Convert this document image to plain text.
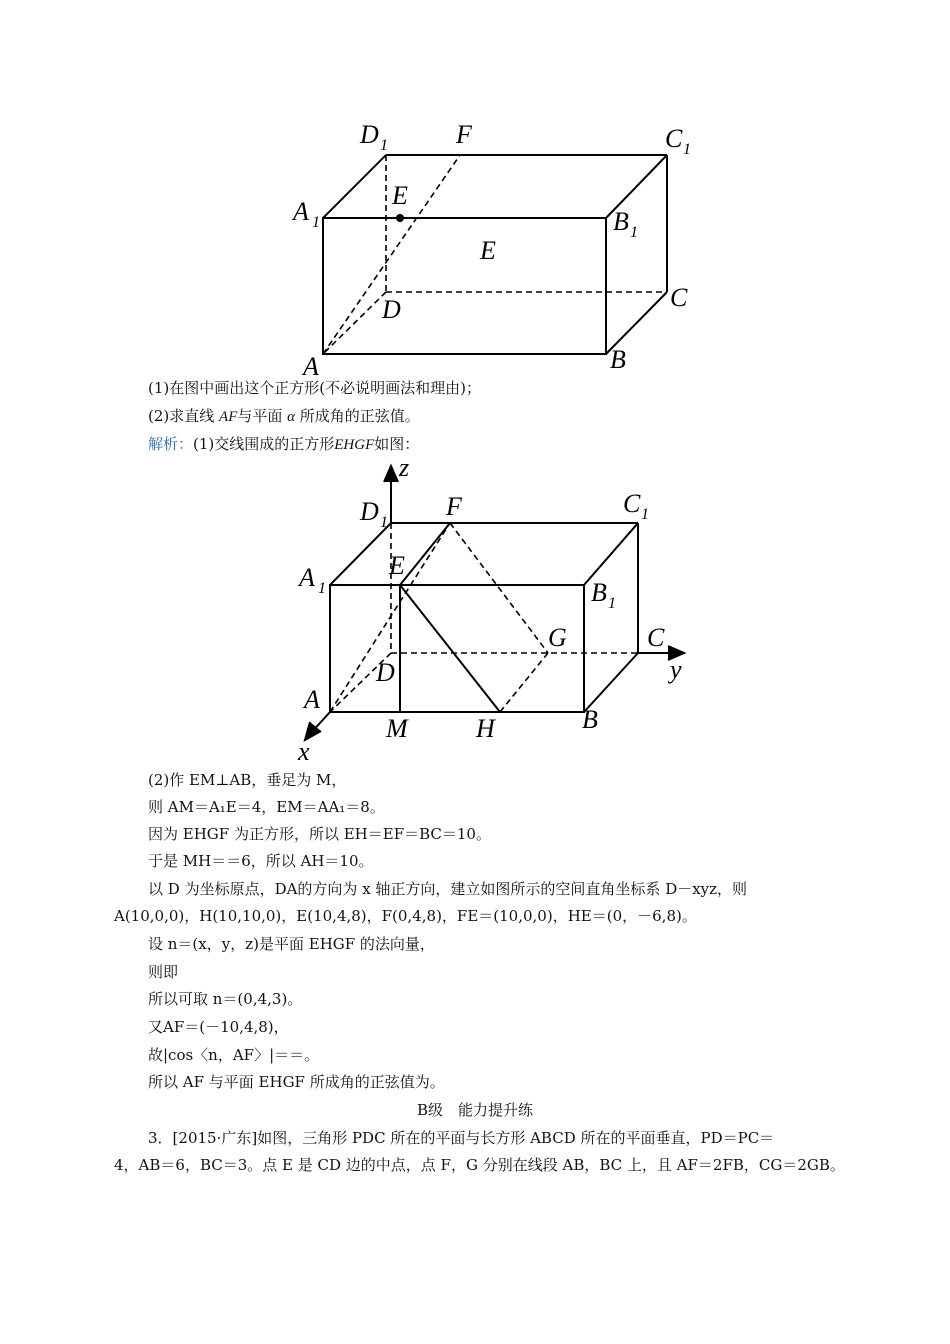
D 1	F	C 1
A 1
E
B 1
E
D	C
A	B
(1)在图中画出这个正方形(不必说明画法和理由)；
(2)求直线 AF与平面 α 所成角的正弦值。
解析：(1)交线围成的正方形EHGF如图：
z
D 1
F	C 1
A 1
E
B 1
G	C
y
D
A
M	H	B
x
(2)作 EM⊥AB，垂足为 M，
则 AM＝A₁E＝4，EM＝AA₁＝8。
因为 EHGF 为正方形，所以 EH＝EF＝BC＝10。
于是 MH＝＝6，所以 AH＝10。
以 D 为坐标原点，DA的方向为 x 轴正方向，建立如图所示的空间直角坐标系 D－xyz，则
A(10,0,0)，H(10,10,0)，E(10,4,8)，F(0,4,8)，FE＝(10,0,0)，HE＝(0，－6,8)。
设 n＝(x，y，z)是平面 EHGF 的法向量，
则即
所以可取 n＝(0,4,3)。
又AF＝(－10,4,8)，
故|cos〈n，AF〉|＝＝。
所以 AF 与平面 EHGF 所成角的正弦值为。
B级　能力提升练
3．[2015·广东]如图，三角形 PDC 所在的平面与长方形 ABCD 所在的平面垂直，PD＝PC＝
4，AB＝6，BC＝3。点 E 是 CD 边的中点，点 F，G 分别在线段 AB，BC 上，且 AF＝2FB，CG＝2GB。
